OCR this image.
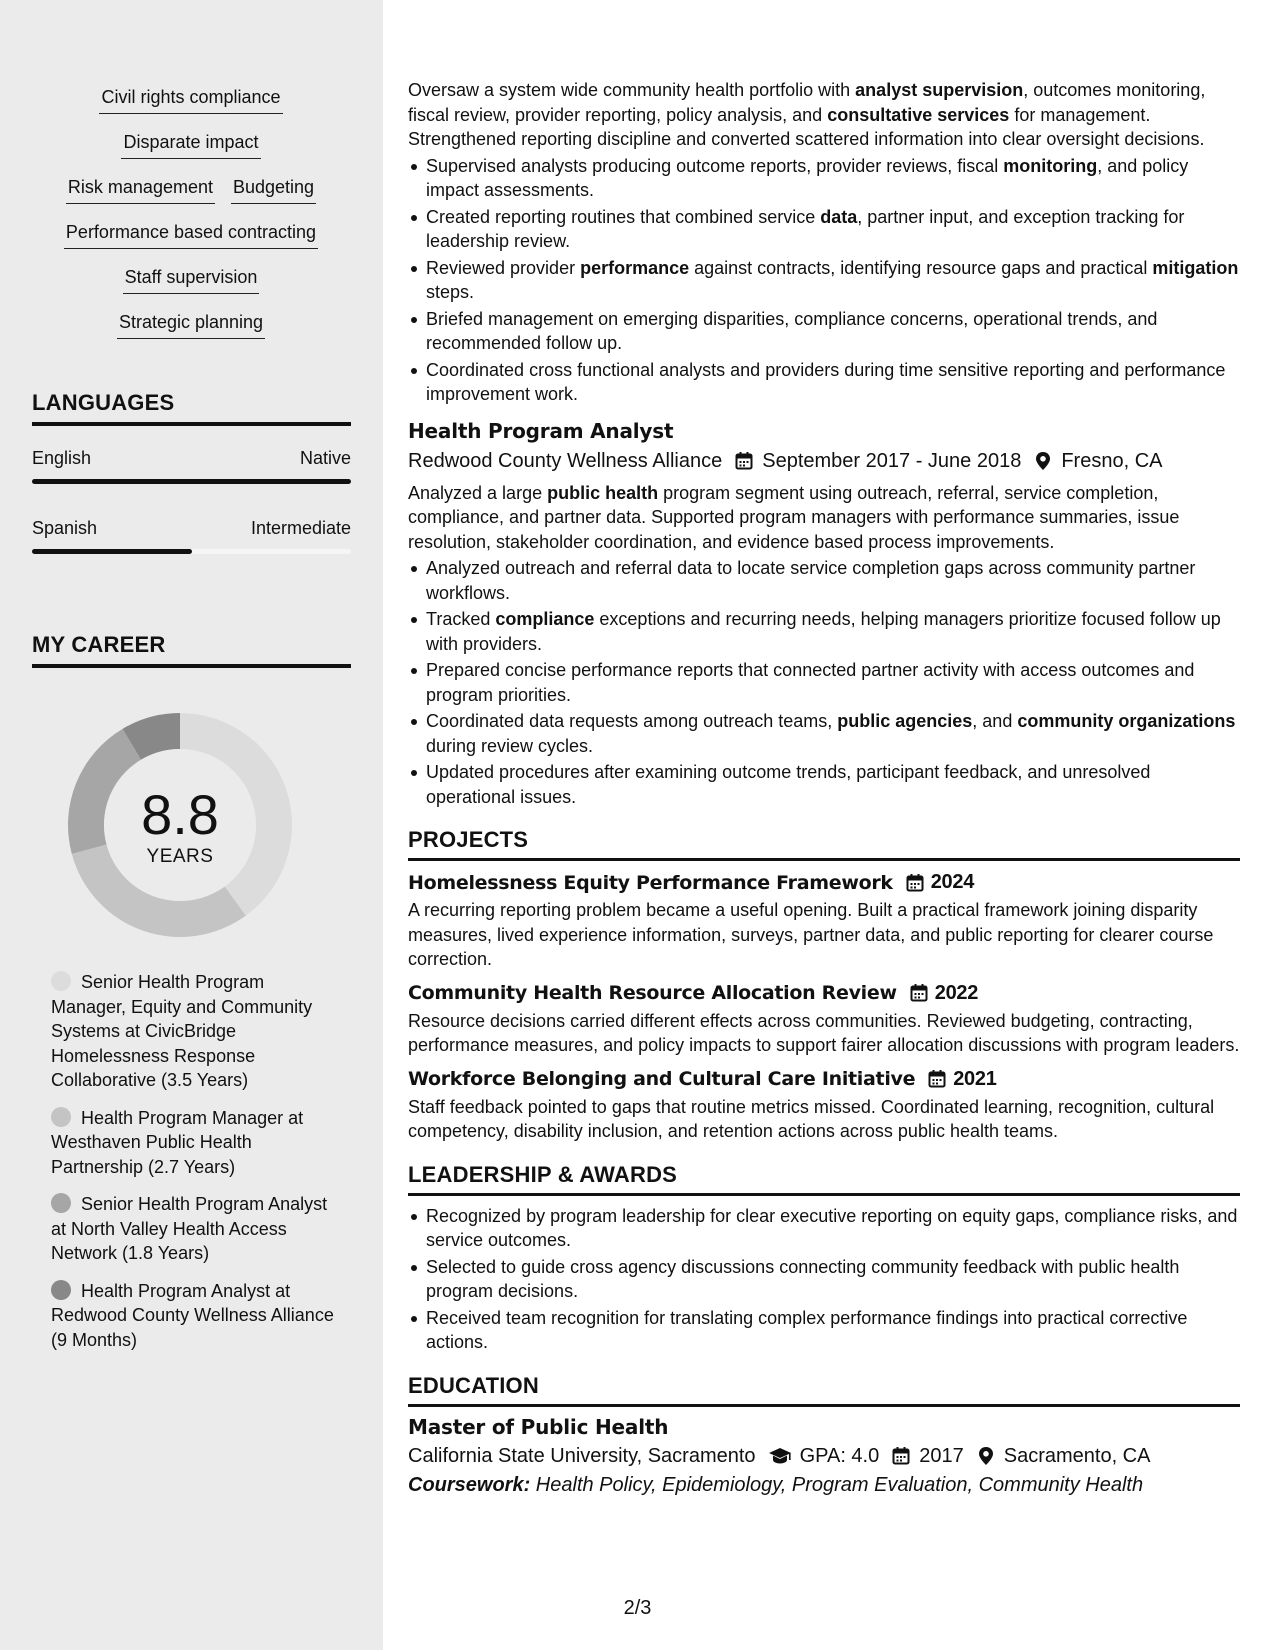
Civil rights compliance
Disparate impact
Risk management Budgeting
Performance based contracting
Staff supervision
Strategic planning
LANGUAGES
English	Native
Spanish	Intermediate
MY CAREER
8.8
YEARS
Senior Health Program Manager, Equity and Community Systems at CivicBridge Homelessness Response Collaborative (3.5 Years)
Health Program Manager at Westhaven Public Health Partnership (2.7 Years)
Senior Health Program Analyst at North Valley Health Access Network (1.8 Years)
Health Program Analyst at Redwood County Wellness Alliance (9 Months)

Oversaw a system wide community health portfolio with analyst supervision, outcomes monitoring, fiscal review, provider reporting, policy analysis, and consultative services for management. Strengthened reporting discipline and converted scattered information into clear oversight decisions.

Supervised analysts producing outcome reports, provider reviews, fiscal monitoring, and policy impact assessments.
Created reporting routines that combined service data, partner input, and exception tracking for leadership review.
Reviewed provider performance against contracts, identifying resource gaps and practical mitigation steps.
Briefed management on emerging disparities, compliance concerns, operational trends, and recommended follow up.
Coordinated cross functional analysts and providers during time sensitive reporting and performance improvement work.
Health Program Analyst
Redwood County Wellness Alliance September 2017 - June 2018 Fresno, CA

Analyzed a large public health program segment using outreach, referral, service completion, compliance, and partner data. Supported program managers with performance summaries, issue resolution, stakeholder coordination, and evidence based process improvements.

Analyzed outreach and referral data to locate service completion gaps across community partner workflows.
Tracked compliance exceptions and recurring needs, helping managers prioritize focused follow up with providers.
Prepared concise performance reports that connected partner activity with access outcomes and program priorities.
Coordinated data requests among outreach teams, public agencies, and community organizations during review cycles.
Updated procedures after examining outcome trends, participant feedback, and unresolved operational issues.
PROJECTS
Homelessness Equity Performance Framework 2024

A recurring reporting problem became a useful opening. Built a practical framework joining disparity measures, lived experience information, surveys, partner data, and public reporting for clearer course correction.

Community Health Resource Allocation Review 2022

Resource decisions carried different effects across communities. Reviewed budgeting, contracting, performance measures, and policy impacts to support fairer allocation discussions with program leaders.

Workforce Belonging and Cultural Care Initiative 2021

Staff feedback pointed to gaps that routine metrics missed. Coordinated learning, recognition, cultural competency, disability inclusion, and retention actions across public health teams.

LEADERSHIP & AWARDS
Recognized by program leadership for clear executive reporting on equity gaps, compliance risks, and service outcomes.
Selected to guide cross agency discussions connecting community feedback with public health program decisions.
Received team recognition for translating complex performance findings into practical corrective actions.
EDUCATION
Master of Public Health
California State University, Sacramento GPA: 4.0 2017 Sacramento, CA
Coursework: Health Policy, Epidemiology, Program Evaluation, Community Health
2/3
